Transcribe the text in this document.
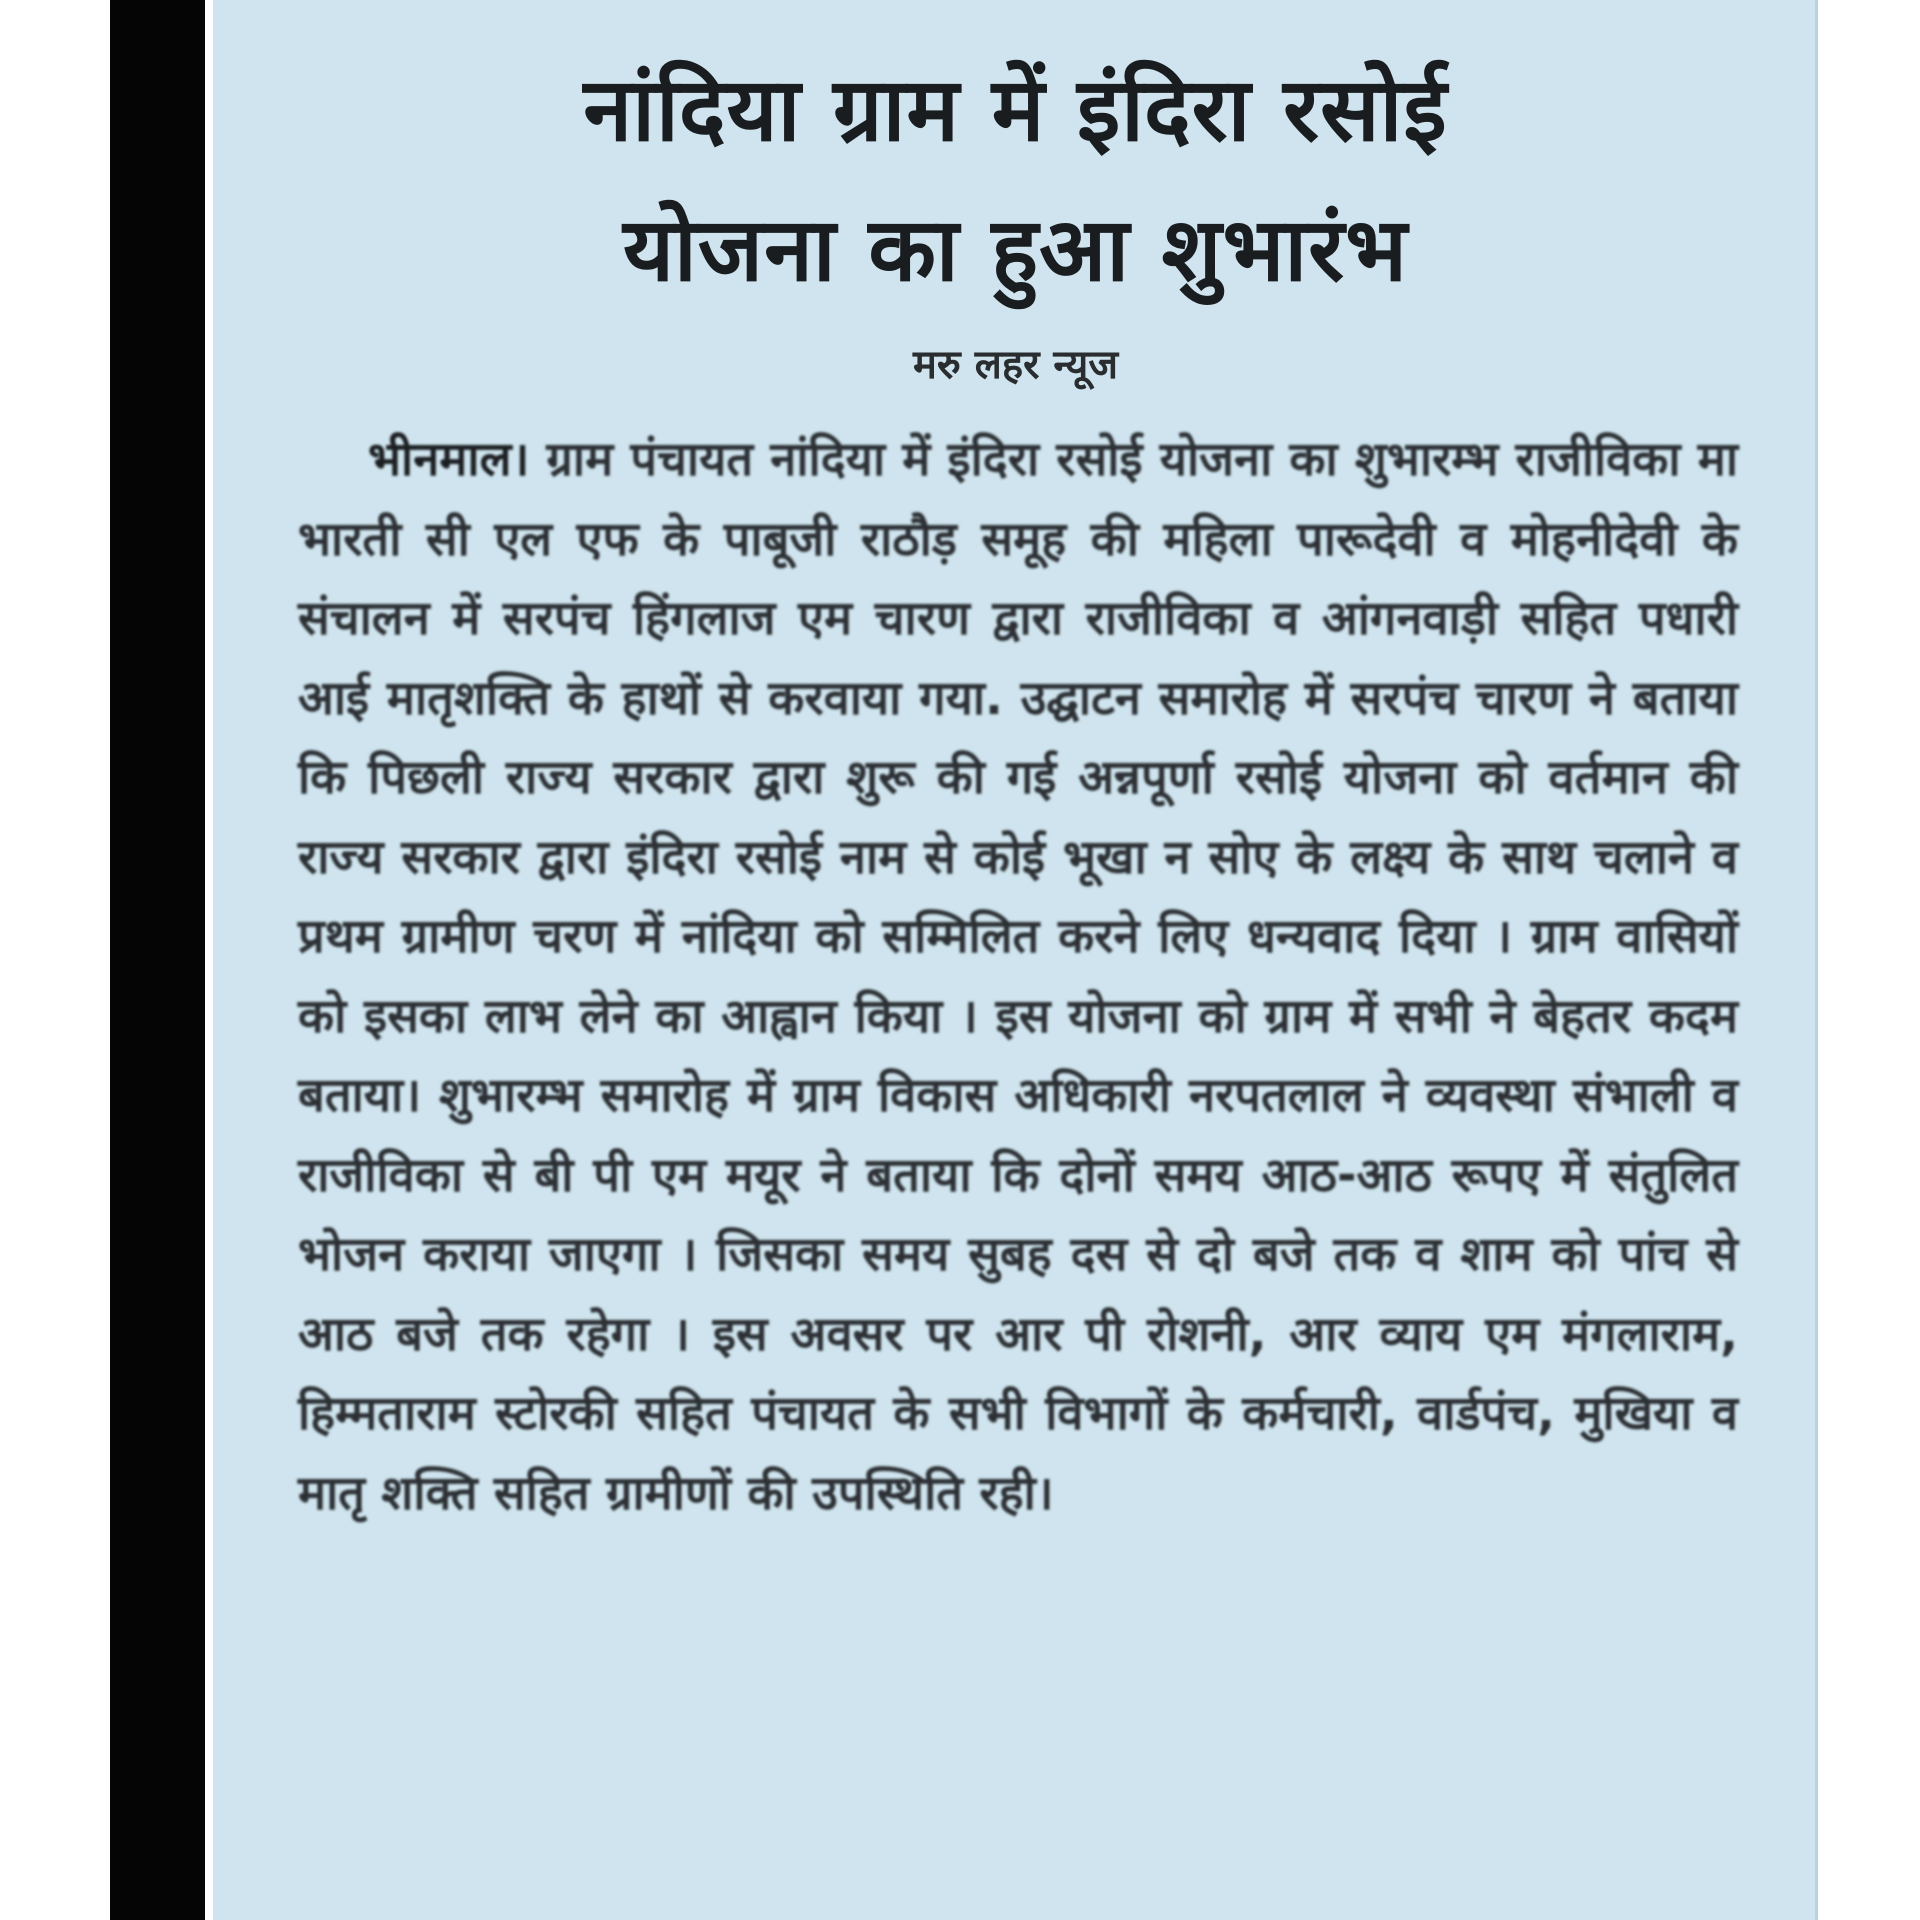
नांदिया ग्राम में इंदिरा रसोई
योजना का हुआ शुभारंभ
मरु लहर न्यूज
भीनमाल। ग्राम पंचायत नांदिया में इंदिरा रसोई योजना का शुभारम्भ राजीविका मा भारती सी एल एफ के पाबूजी राठौड़ समूह की महिला पारूदेवी व मोहनीदेवी के संचालन में सरपंच हिंगलाज एम चारण द्वारा राजीविका व आंगनवाड़ी सहित पधारी आई मातृशक्ति के हाथों से करवाया गया. उद्घाटन समारोह में सरपंच चारण ने बताया कि पिछली राज्य सरकार द्वारा शुरू की गई अन्नपूर्णा रसोई योजना को वर्तमान की राज्य सरकार द्वारा इंदिरा रसोई नाम से कोई भूखा न सोए के लक्ष्य के साथ चलाने व प्रथम ग्रामीण चरण में नांदिया को सम्मिलित करने लिए धन्यवाद दिया । ग्राम वासियों को इसका लाभ लेने का आह्वान किया । इस योजना को ग्राम में सभी ने बेहतर कदम बताया। शुभारम्भ समारोह में ग्राम विकास अधिकारी नरपतलाल ने व्यवस्था संभाली व राजीविका से बी पी एम मयूर ने बताया कि दोनों समय आठ-आठ रूपए में संतुलित भोजन कराया जाएगा । जिसका समय सुबह दस से दो बजे तक व शाम को पांच से आठ बजे तक रहेगा । इस अवसर पर आर पी रोशनी, आर व्याय एम मंगलाराम, हिम्मताराम स्टोरकी सहित पंचायत के सभी विभागों के कर्मचारी, वार्डपंच, मुखिया व मातृ शक्ति सहित ग्रामीणों की उपस्थिति रही।
